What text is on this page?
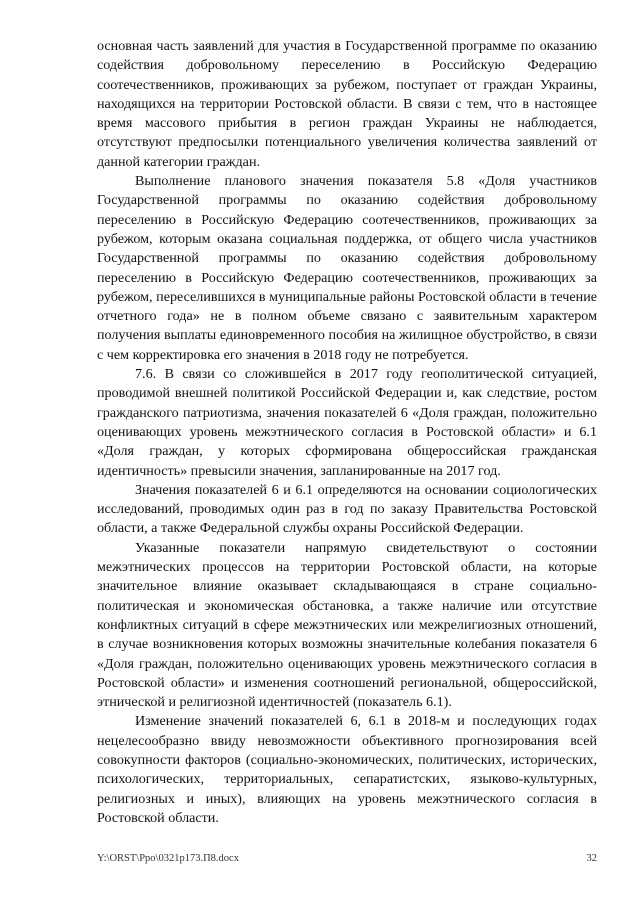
основная часть заявлений для участия в Государственной программе по оказанию содействия добровольному переселению в Российскую Федерацию соотечественников, проживающих за рубежом, поступает от граждан Украины, находящихся на территории Ростовской области. В связи с тем, что в настоящее время массового прибытия в регион граждан Украины не наблюдается, отсутствуют предпосылки потенциального увеличения количества заявлений от данной категории граждан.

Выполнение планового значения показателя 5.8 «Доля участников Государственной программы по оказанию содействия добровольному переселению в Российскую Федерацию соотечественников, проживающих за рубежом, которым оказана социальная поддержка, от общего числа участников Государственной программы по оказанию содействия добровольному переселению в Российскую Федерацию соотечественников, проживающих за рубежом, переселившихся в муниципальные районы Ростовской области в течение отчетного года» не в полном объеме связано с заявительным характером получения выплаты единовременного пособия на жилищное обустройство, в связи с чем корректировка его значения в 2018 году не потребуется.

7.6. В связи со сложившейся в 2017 году геополитической ситуацией, проводимой внешней политикой Российской Федерации и, как следствие, ростом гражданского патриотизма, значения показателей 6 «Доля граждан, положительно оценивающих уровень межэтнического согласия в Ростовской области» и 6.1 «Доля граждан, у которых сформирована общероссийская гражданская идентичность» превысили значения, запланированные на 2017 год.

Значения показателей 6 и 6.1 определяются на основании социологических исследований, проводимых один раз в год по заказу Правительства Ростовской области, а также Федеральной службы охраны Российской Федерации.

Указанные показатели напрямую свидетельствуют о состоянии межэтнических процессов на территории Ростовской области, на которые значительное влияние оказывает складывающаяся в стране социально-политическая и экономическая обстановка, а также наличие или отсутствие конфликтных ситуаций в сфере межэтнических или межрелигиозных отношений, в случае возникновения которых возможны значительные колебания показателя 6 «Доля граждан, положительно оценивающих уровень межэтнического согласия в Ростовской области» и изменения соотношений региональной, общероссийской, этнической и религиозной идентичностей (показатель 6.1).

Изменение значений показателей 6, 6.1 в 2018-м и последующих годах нецелесообразно ввиду невозможности объективного прогнозирования всей совокупности факторов (социально-экономических, политических, исторических, психологических, территориальных, сепаратистских, языково-культурных, религиозных и иных), влияющих на уровень межэтнического согласия в Ростовской области.

Y:\ORST\Ppo\0321p173.П8.docx	32
